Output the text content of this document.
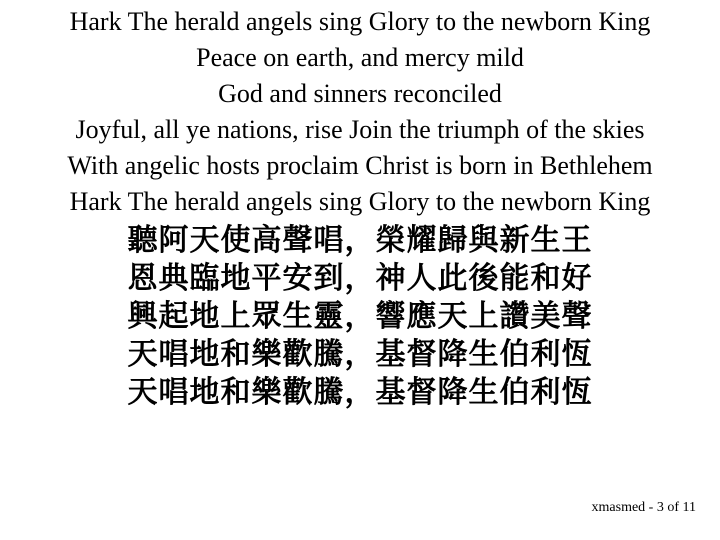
Hark The herald angels sing Glory to the newborn King
Peace on earth, and mercy mild
God and sinners reconciled
Joyful, all ye nations, rise Join the triumph of the skies
With angelic hosts proclaim Christ is born in Bethlehem
Hark The herald angels sing Glory to the newborn King
聽阿天使高聲唱，榮耀歸與新生王
恩典臨地平安到，神人此後能和好
興起地上眾生靈，響應天上讚美聲
天唱地和樂歡騰，基督降生伯利恆
天唱地和樂歡騰，基督降生伯利恆
xmasmed - 3 of 11
